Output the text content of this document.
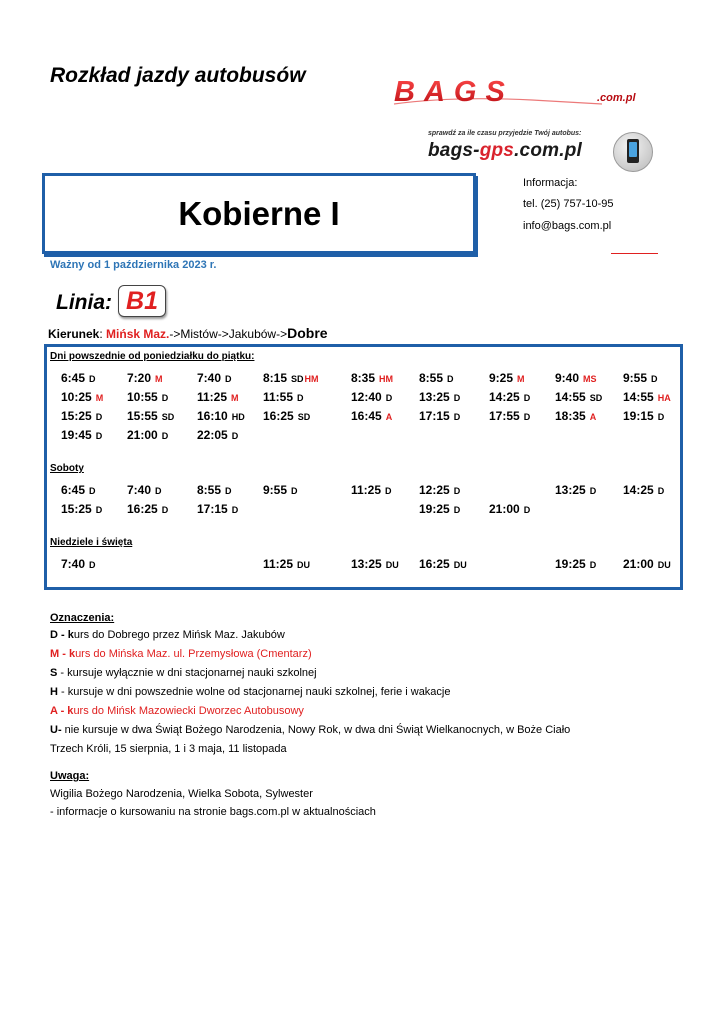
Rozkład jazdy autobusów
BAGS	.com.pl
sprawdź za ile czasu przyjedzie Twój autobus:
bags-gps.com.pl
Kobierne I
Informacja:
tel. (25) 757-10-95
info@bags.com.pl
Ważny od 1 października 2023 r.
Linia: B1
Kierunek: Mińsk Maz.->Mistów->Jakubów->Dobre
Dni powszednie od poniedziałku do piątku:
Soboty
Niedziele i święta
6:45 D	7:20 M	7:40 D	8:15 SDHM	8:35 HM 8:55 D	9:25 M	9:40 MS 9:55 D
10:25 M 10:55 D 11:25 M 11:55 D	12:40 D 13:25 D 14:25 D 14:55 SD 14:55 HA
15:25 D 15:55 SD 16:10 HD 16:25 SD	16:45 A 17:15 D 17:55 D 18:35 A 19:15 D
19:45 D 21:00 D 22:05 D
6:45 D	7:40 D	8:55 D	9:55 D	11:25 D 12:25 D	13:25 D 14:25 D
15:25 D 16:25 D 17:15 D	19:25 D 21:00 D
7:40 D	11:25 DU	13:25 DU 16:25 DU	19:25 D 21:00 DU
Oznaczenia:
D - kurs do Dobrego przez Mińsk Maz. Jakubów
M - kurs do Mińska Maz. ul. Przemysłowa (Cmentarz)
S - kursuje wyłącznie w dni stacjonarnej nauki szkolnej
H - kursuje w dni powszednie wolne od stacjonarnej nauki szkolnej, ferie i wakacje
A - kurs do Mińsk Mazowiecki Dworzec Autobusowy
U- nie kursuje w dwa Świąt Bożego Narodzenia, Nowy Rok, w dwa dni Świąt Wielkanocnych, w Boże Ciało
Trzech Króli, 15 sierpnia, 1 i 3 maja, 11 listopada
Uwaga:
Wigilia Bożego Narodzenia, Wielka Sobota, Sylwester
- informacje o kursowaniu na stronie bags.com.pl w aktualnościach
